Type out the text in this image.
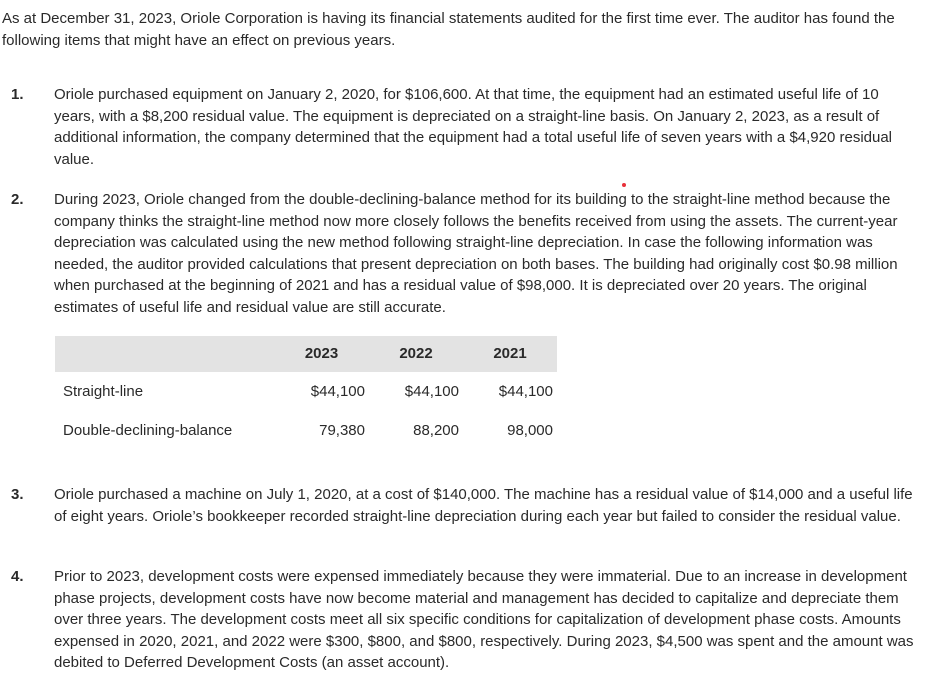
As at December 31, 2023, Oriole Corporation is having its financial statements audited for the first time ever. The auditor has found the following items that might have an effect on previous years.

1. Oriole purchased equipment on January 2, 2020, for $106,600. At that time, the equipment had an estimated useful life of 10 years, with a $8,200 residual value. The equipment is depreciated on a straight-line basis. On January 2, 2023, as a result of additional information, the company determined that the equipment had a total useful life of seven years with a $4,920 residual value.

2. During 2023, Oriole changed from the double-declining-balance method for its building to the straight-line method because the company thinks the straight-line method now more closely follows the benefits received from using the assets. The current-year depreciation was calculated using the new method following straight-line depreciation. In case the following information was needed, the auditor provided calculations that present depreciation on both bases. The building had originally cost $0.98 million when purchased at the beginning of 2021 and has a residual value of $98,000. It is depreciated over 20 years. The original estimates of useful life and residual value are still accurate.

	2023	2022	2021
Straight-line	$44,100	$44,100	$44,100
Double-declining-balance	79,380	88,200	98,000
3. Oriole purchased a machine on July 1, 2020, at a cost of $140,000. The machine has a residual value of $14,000 and a useful life of eight years. Oriole’s bookkeeper recorded straight-line depreciation during each year but failed to consider the residual value.

4. Prior to 2023, development costs were expensed immediately because they were immaterial. Due to an increase in development phase projects, development costs have now become material and management has decided to capitalize and depreciate them over three years. The development costs meet all six specific conditions for capitalization of development phase costs. Amounts expensed in 2020, 2021, and 2022 were $300, $800, and $800, respectively. During 2023, $4,500 was spent and the amount was debited to Deferred Development Costs (an asset account).
